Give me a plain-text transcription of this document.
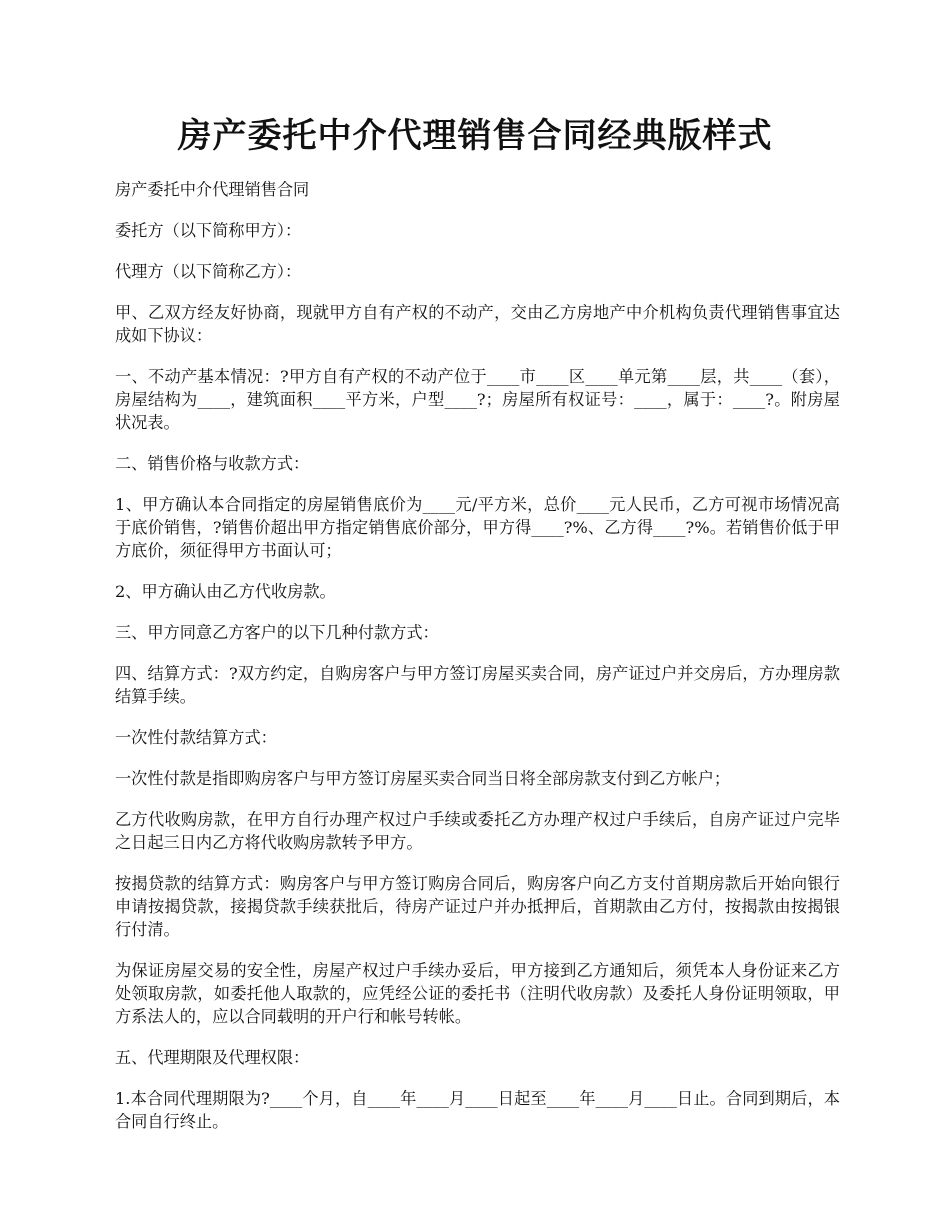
房产委托中介代理销售合同经典版样式

房产委托中介代理销售合同

委托方（以下简称甲方）：

代理方（以下简称乙方）：

甲、乙双方经友好协商，现就甲方自有产权的不动产，交由乙方房地产中介机构负责代理销售事宜达成如下协议：

一、不动产基本情况：?甲方自有产权的不动产位于____市____区____单元第____层，共____（套），房屋结构为____，建筑面积____平方米，户型____?；房屋所有权证号：____，属于：____?。附房屋状况表。

二、销售价格与收款方式：

1、甲方确认本合同指定的房屋销售底价为____元/平方米，总价____元人民币，乙方可视市场情况高于底价销售，?销售价超出甲方指定销售底价部分，甲方得____?%、乙方得____?%。若销售价低于甲方底价，须征得甲方书面认可；

2、甲方确认由乙方代收房款。

三、甲方同意乙方客户的以下几种付款方式：

四、结算方式：?双方约定，自购房客户与甲方签订房屋买卖合同，房产证过户并交房后，方办理房款结算手续。

一次性付款结算方式：

一次性付款是指即购房客户与甲方签订房屋买卖合同当日将全部房款支付到乙方帐户；

乙方代收购房款，在甲方自行办理产权过户手续或委托乙方办理产权过户手续后，自房产证过户完毕之日起三日内乙方将代收购房款转予甲方。

按揭贷款的结算方式：购房客户与甲方签订购房合同后，购房客户向乙方支付首期房款后开始向银行申请按揭贷款，接揭贷款手续获批后，待房产证过户并办抵押后，首期款由乙方付，按揭款由按揭银行付清。

为保证房屋交易的安全性，房屋产权过户手续办妥后，甲方接到乙方通知后，须凭本人身份证来乙方处领取房款，如委托他人取款的，应凭经公证的委托书（注明代收房款）及委托人身份证明领取，甲方系法人的，应以合同载明的开户行和帐号转帐。

五、代理期限及代理权限：

1.本合同代理期限为?____个月，自____年____月____日起至____年____月____日止。合同到期后，本合同自行终止。
